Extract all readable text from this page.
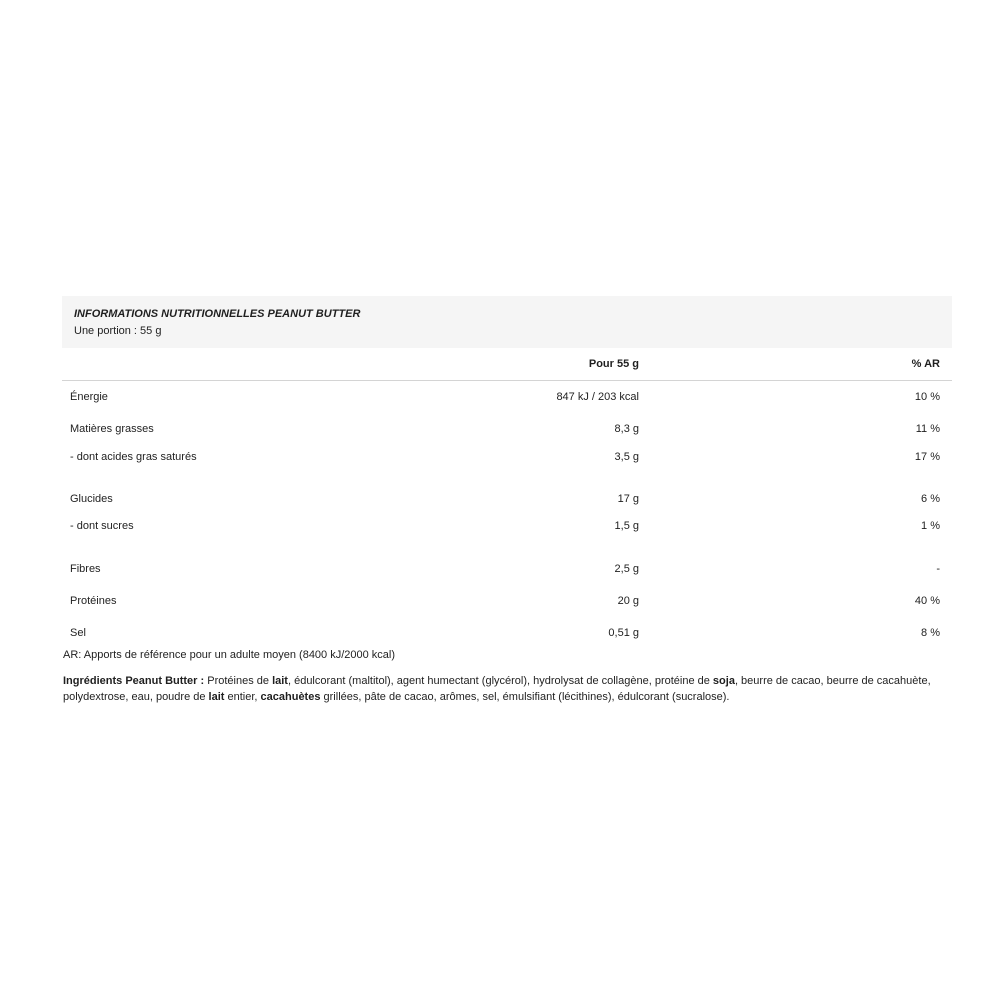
INFORMATIONS NUTRITIONNELLES PEANUT BUTTER
Une portion : 55 g
	Pour 55 g	% AR
Énergie	847 kJ / 203 kcal	10 %
Matières grasses	8,3 g	11 %
- dont acides gras saturés	3,5 g	17 %

Glucides	17 g	6 %
- dont sucres	1,5 g	1 %

Fibres	2,5 g	-
Protéines	20 g	40 %
Sel	0,51 g	8 %
AR: Apports de référence pour un adulte moyen (8400 kJ/2000 kcal)
Ingrédients Peanut Butter : Protéines de lait, édulcorant (maltitol), agent humectant (glycérol), hydrolysat de collagène, protéine de soja, beurre de cacao, beurre de cacahuète, polydextrose, eau, poudre de lait entier, cacahuètes grillées, pâte de cacao, arômes, sel, émulsifiant (lécithines), édulcorant (sucralose).
